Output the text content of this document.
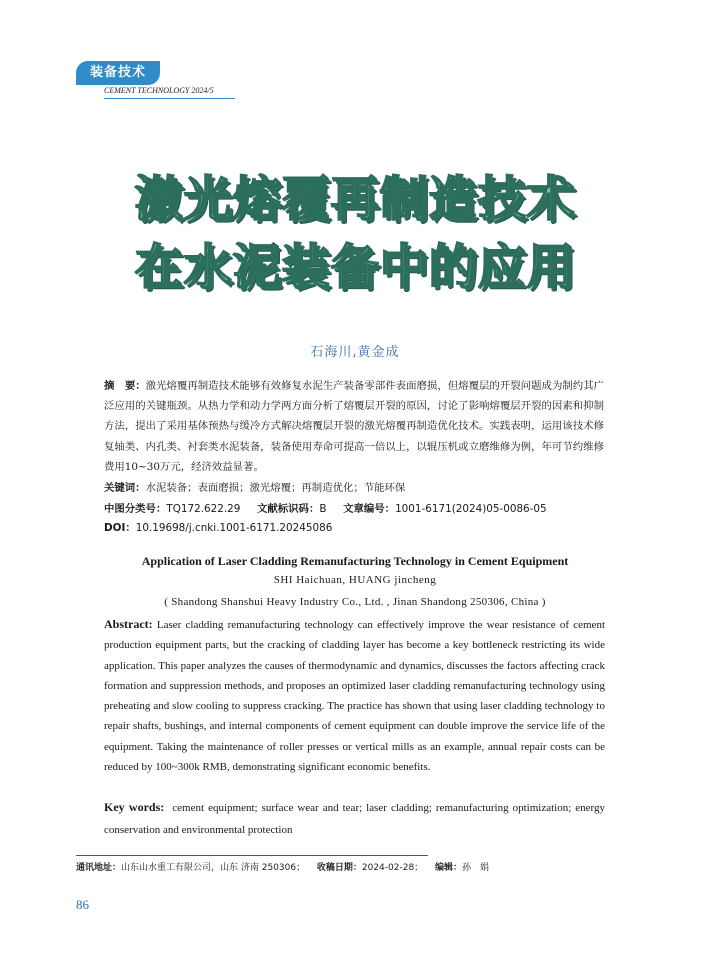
装备技术
CEMENT TECHNOLOGY 2024/5
激光熔覆再制造技术
在水泥装备中的应用
石海川,黄金成
摘　要：激光熔覆再制造技术能够有效修复水泥生产装备零部件表面磨损，但熔覆层的开裂问题成为制约其广泛应用的关键瓶颈。从热力学和动力学两方面分析了熔覆层开裂的原因，讨论了影响熔覆层开裂的因素和抑制方法，提出了采用基体预热与缓冷方式解决熔覆层开裂的激光熔覆再制造优化技术。实践表明，运用该技术修复轴类、内孔类、衬套类水泥装备，装备使用寿命可提高一倍以上，以辊压机或立磨维修为例，年可节约维修费用10~30万元，经济效益显著。
关键词：水泥装备；表面磨损；激光熔覆；再制造优化；节能环保
中图分类号：TQ172.622.29 文献标识码：B 文章编号：1001-6171(2024)05-0086-05
DOI：10.19698/j.cnki.1001-6171.20245086
Application of Laser Cladding Remanufacturing Technology in Cement Equipment
SHI Haichuan, HUANG jincheng
( Shandong Shanshui Heavy Industry Co., Ltd. , Jinan Shandong 250306, China )
Abstract: Laser cladding remanufacturing technology can effectively improve the wear resistance of cement production equipment parts, but the cracking of cladding layer has become a key bottleneck restricting its wide application. This paper analyzes the causes of thermodynamic and dynamics, discusses the factors affecting crack formation and suppression methods, and proposes an optimized laser cladding remanufacturing technology using preheating and slow cooling to suppress cracking. The practice has shown that using laser cladding technology to repair shafts, bushings, and internal components of cement equipment can double improve the service life of the equipment. Taking the maintenance of roller presses or vertical mills as an example, annual repair costs can be reduced by 100~300k RMB, demonstrating significant economic benefits.
Key words: cement equipment; surface wear and tear; laser cladding; remanufacturing optimization; energy conservation and environmental protection
通讯地址：山东山水重工有限公司，山东 济南 250306； 收稿日期：2024-02-28； 编辑：孙　娟
86
